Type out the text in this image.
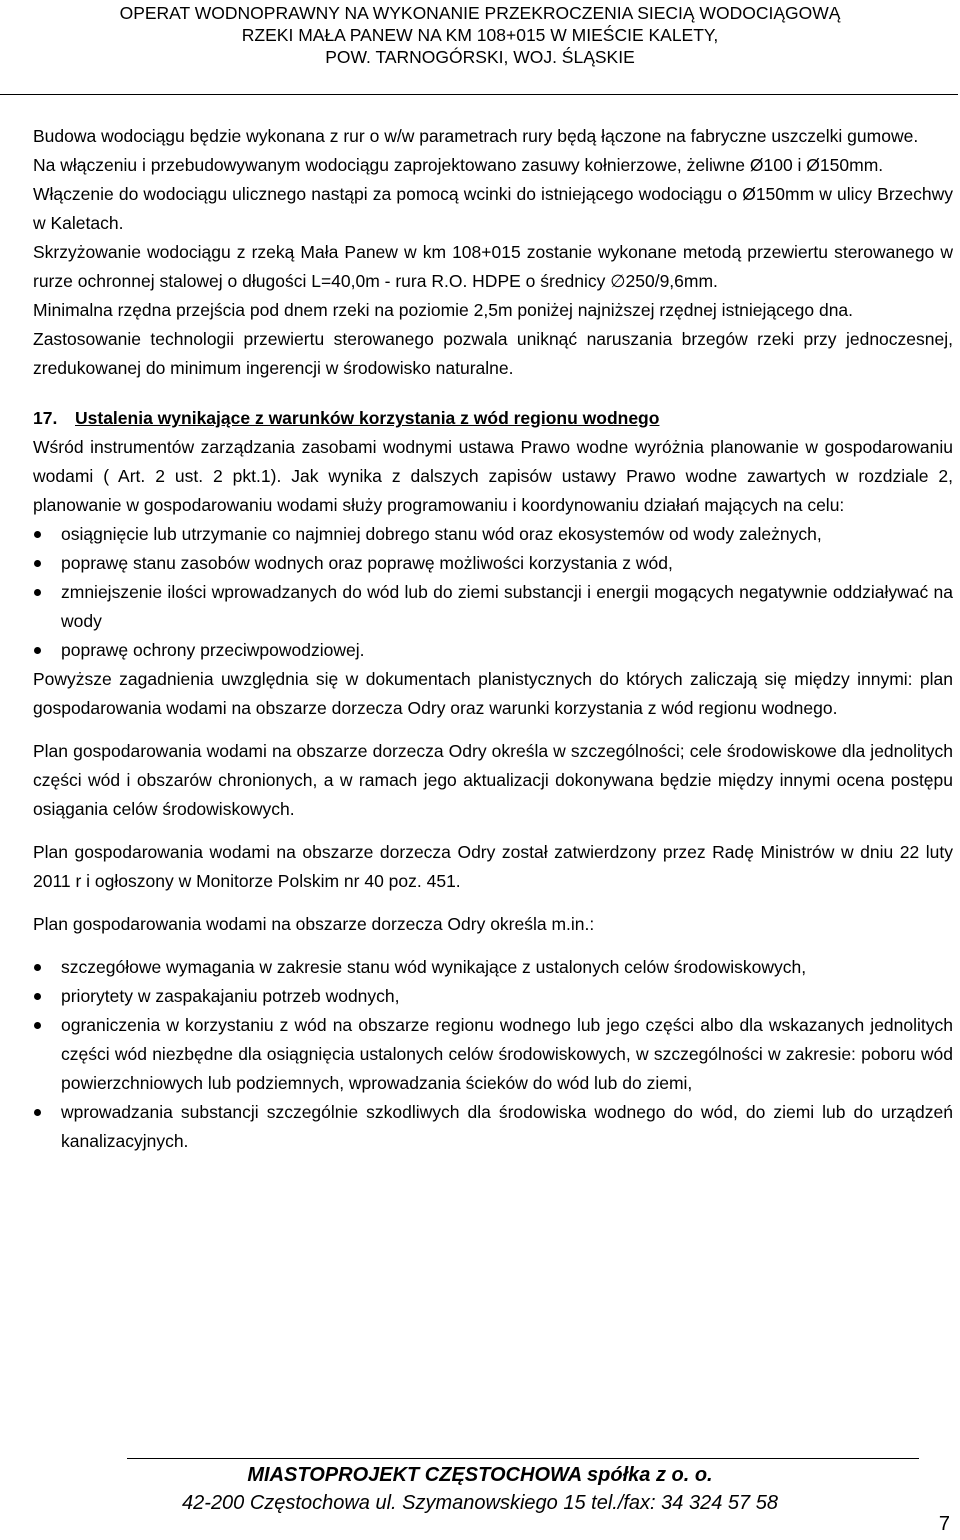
OPERAT WODNOPRAWNY NA WYKONANIE PRZEKROCZENIA SIECIĄ WODOCIĄGOWĄ
RZEKI MAŁA PANEW NA KM 108+015 W MIEŚCIE KALETY,
POW. TARNOGÓRSKI, WOJ. ŚLĄSKIE

Budowa wodociągu będzie wykonana z rur o w/w parametrach rury będą łączone na fabryczne uszczelki gumowe.

Na włączeniu i przebudowywanym wodociągu zaprojektowano zasuwy kołnierzowe, żeliwne Ø100 i Ø150mm.

Włączenie do wodociągu ulicznego nastąpi za pomocą wcinki do istniejącego wodociągu o Ø150mm w ulicy Brzechwy w Kaletach.

Skrzyżowanie wodociągu z rzeką Mała Panew w km 108+015 zostanie wykonane metodą przewiertu sterowanego w rurze ochronnej stalowej o długości L=40,0m - rura R.O. HDPE o średnicy ∅250/9,6mm.

Minimalna rzędna przejścia pod dnem rzeki na poziomie 2,5m poniżej najniższej rzędnej istniejącego dna.

Zastosowanie technologii przewiertu sterowanego pozwala uniknąć naruszania brzegów rzeki przy jednoczesnej, zredukowanej do minimum ingerencji w środowisko naturalne.

17. Ustalenia wynikające z warunków korzystania z wód regionu wodnego

Wśród instrumentów zarządzania zasobami wodnymi ustawa Prawo wodne wyróżnia planowanie w gospodarowaniu wodami ( Art. 2 ust. 2 pkt.1). Jak wynika z dalszych zapisów ustawy Prawo wodne zawartych w rozdziale 2, planowanie w gospodarowaniu wodami służy programowaniu i koordynowaniu działań mających na celu:

osiągnięcie lub utrzymanie co najmniej dobrego stanu wód oraz ekosystemów od wody zależnych,
poprawę stanu zasobów wodnych oraz poprawę możliwości korzystania z wód,
zmniejszenie ilości wprowadzanych do wód lub do ziemi substancji i energii mogących negatywnie oddziaływać na wody
poprawę ochrony przeciwpowodziowej.

Powyższe zagadnienia uwzględnia się w dokumentach planistycznych do których zaliczają się między innymi: plan gospodarowania wodami na obszarze dorzecza Odry oraz warunki korzystania z wód regionu wodnego.

Plan gospodarowania wodami na obszarze dorzecza Odry określa w szczególności; cele środowiskowe dla jednolitych części wód i obszarów chronionych, a w ramach jego aktualizacji dokonywana będzie między innymi ocena postępu osiągania celów środowiskowych.

Plan gospodarowania wodami na obszarze dorzecza Odry został zatwierdzony przez Radę Ministrów w dniu 22 luty 2011 r i ogłoszony w Monitorze Polskim nr 40 poz. 451.

Plan gospodarowania wodami na obszarze dorzecza Odry określa m.in.:

szczegółowe wymagania w zakresie stanu wód wynikające z ustalonych celów środowiskowych,
priorytety w zaspakajaniu potrzeb wodnych,
ograniczenia w korzystaniu z wód na obszarze regionu wodnego lub jego części albo dla wskazanych jednolitych części wód niezbędne dla osiągnięcia ustalonych celów środowiskowych, w szczególności w zakresie: poboru wód powierzchniowych lub podziemnych, wprowadzania ścieków do wód lub do ziemi,
wprowadzania substancji szczególnie szkodliwych dla środowiska wodnego do wód, do ziemi lub do urządzeń kanalizacyjnych.
MIASTOPROJEKT CZĘSTOCHOWA spółka z o. o.
42-200 Częstochowa ul. Szymanowskiego 15 tel./fax: 34 324 57 58
7
